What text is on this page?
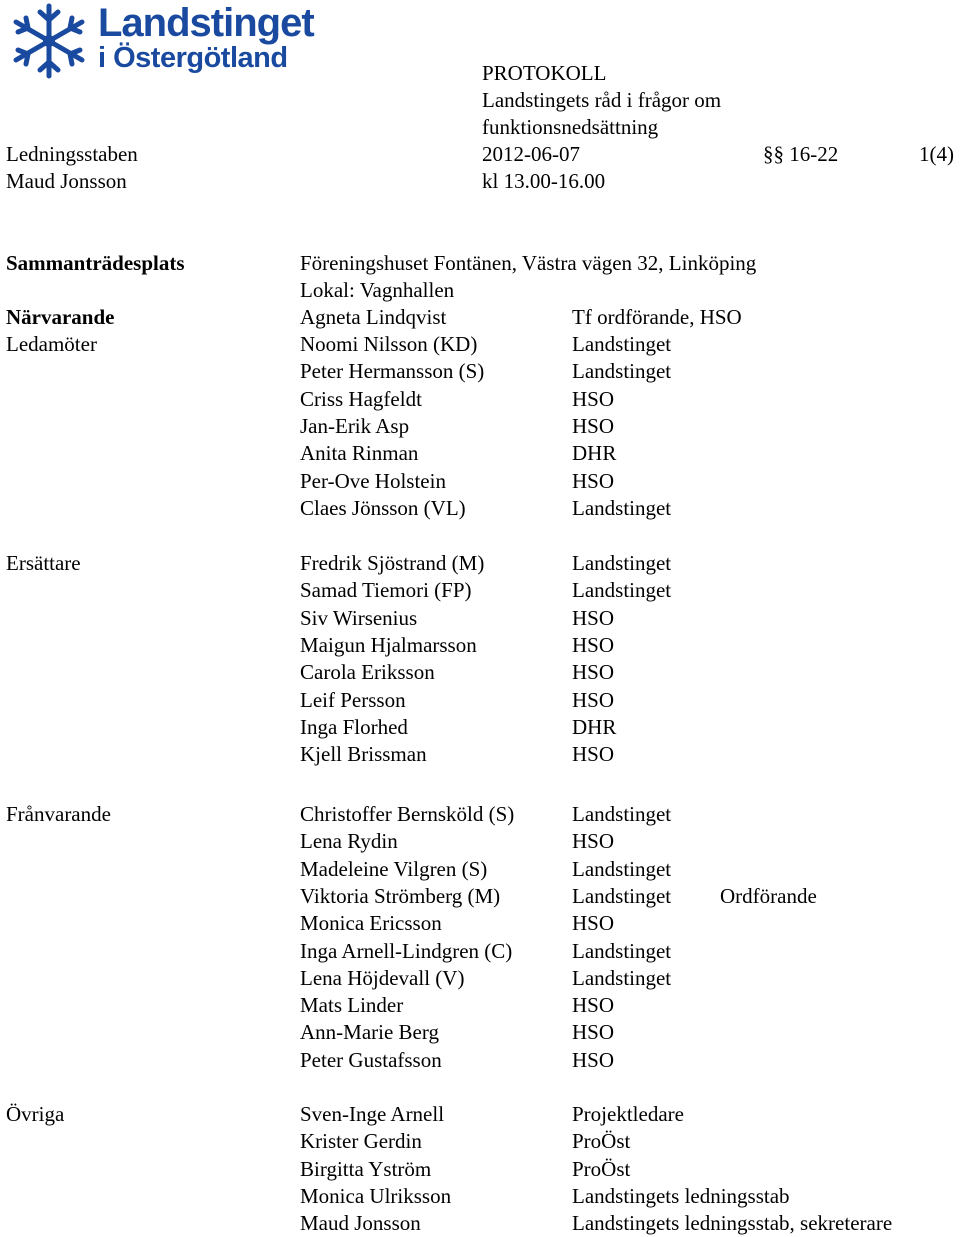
Landstinget
i Östergötland	PROTOKOLL
Landstingets råd i frågor om
funktionsnedsättning
Ledningsstaben	2012-06-07	§§ 16-22	1(4)
Maud Jonsson	kl 13.00-16.00
Sammanträdesplats	Föreningshuset Fontänen, Västra vägen 32, Linköping
Lokal: Vagnhallen
Närvarande	Agneta Lindqvist	Tf ordförande, HSO
Ledamöter	Noomi Nilsson (KD)	Landstinget
Peter Hermansson (S)	Landstinget
Criss Hagfeldt	HSO
Jan-Erik Asp	HSO
Anita Rinman	DHR
Per-Ove Holstein	HSO
Claes Jönsson (VL)	Landstinget
Ersättare	Fredrik Sjöstrand (M)	Landstinget
Samad Tiemori (FP)	Landstinget
Siv Wirsenius	HSO
Maigun Hjalmarsson	HSO
Carola Eriksson	HSO
Leif Persson	HSO
Inga Florhed	DHR
Kjell Brissman	HSO
Frånvarande	Christoffer Bernsköld (S)	Landstinget
Lena Rydin	HSO
Madeleine Vilgren (S)	Landstinget
Viktoria Strömberg (M)	Landstinget Ordförande
Monica Ericsson	HSO
Inga Arnell-Lindgren (C)	Landstinget
Lena Höjdevall (V)	Landstinget
Mats Linder	HSO
Ann-Marie Berg	HSO
Peter Gustafsson	HSO
Övriga	Sven-Inge Arnell	Projektledare
Krister Gerdin	ProÖst
Birgitta Yström	ProÖst
Monica Ulriksson	Landstingets ledningsstab
Maud Jonsson	Landstingets ledningsstab, sekreterare
